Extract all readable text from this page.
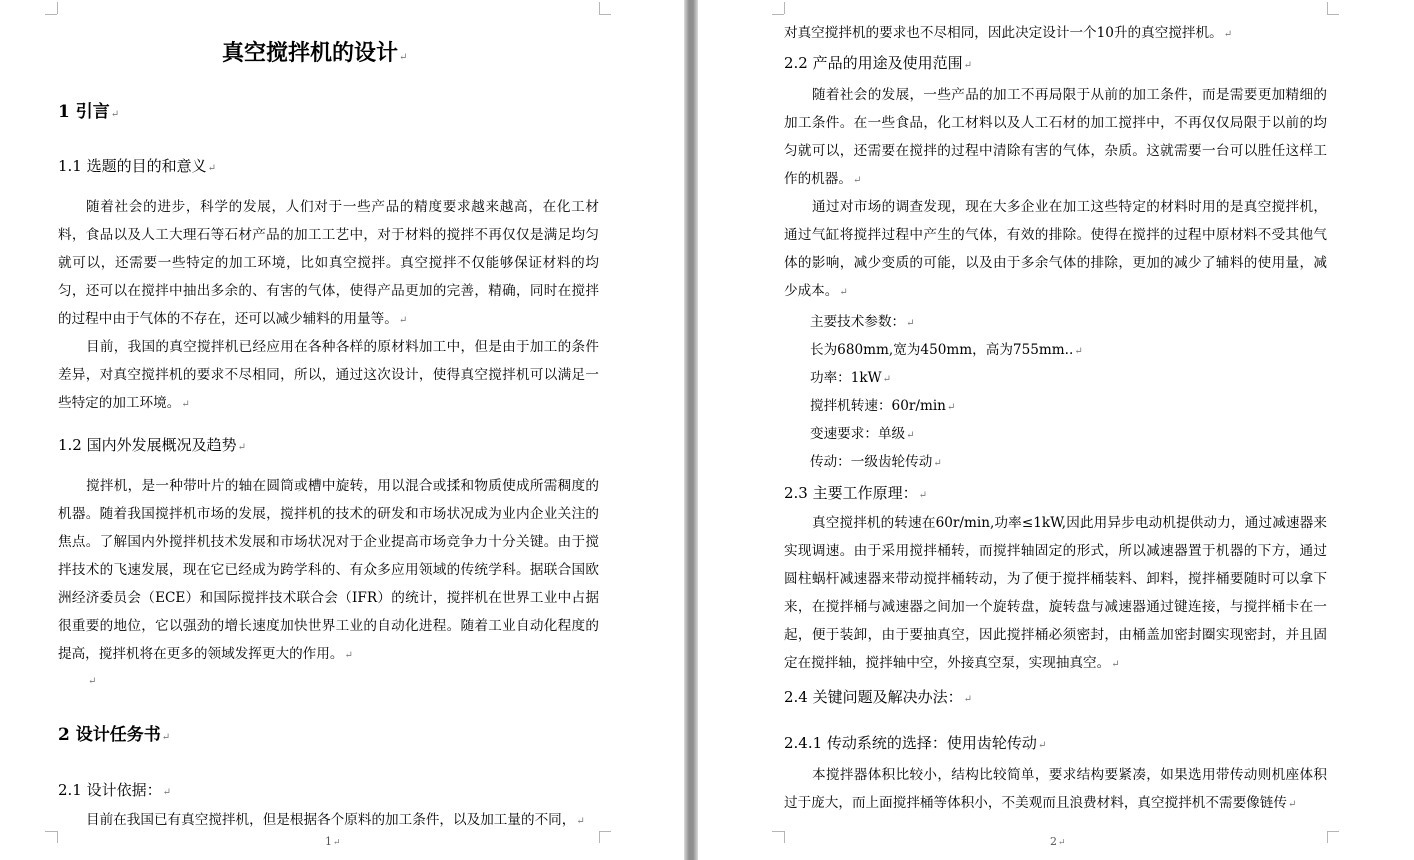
真空搅拌机的设计 ↵
1 引言 ↵
1.1 选题的目的和意义 ↵
随着社会的进步，科学的发展，人们对于一些产品的精度要求越来越高，在化工材料，食品以及人工大理石等石材产品的加工工艺中，对于材料的搅拌不再仅仅是满足均匀就可以，还需要一些特定的加工环境，比如真空搅拌。真空搅拌不仅能够保证材料的均匀，还可以在搅拌中抽出多余的、有害的气体，使得产品更加的完善，精确，同时在搅拌的过程中由于气体的不存在，还可以减少辅料的用量等。 ↵
目前，我国的真空搅拌机已经应用在各种各样的原材料加工中，但是由于加工的条件差异，对真空搅拌机的要求不尽相同，所以，通过这次设计，使得真空搅拌机可以满足一些特定的加工环境。 ↵
1.2 国内外发展概况及趋势 ↵
搅拌机，是一种带叶片的轴在圆筒或槽中旋转，用以混合或揉和物质使成所需稠度的机器。随着我国搅拌机市场的发展，搅拌机的技术的研发和市场状况成为业内企业关注的焦点。了解国内外搅拌机技术发展和市场状况对于企业提高市场竞争力十分关键。由于搅拌技术的飞速发展，现在它已经成为跨学科的、有众多应用领域的传统学科。据联合国欧洲经济委员会（ECE）和国际搅拌技术联合会（IFR）的统计，搅拌机在世界工业中占据很重要的地位，它以强劲的增长速度加快世界工业的自动化进程。随着工业自动化程度的提高，搅拌机将在更多的领域发挥更大的作用。 ↵
↵
2 设计任务书 ↵
2.1 设计依据： ↵
目前在我国已有真空搅拌机，但是根据各个原料的加工条件，以及加工量的不同， ↵
1 ↵
对真空搅拌机的要求也不尽相同，因此决定设计一个10升的真空搅拌机。 ↵
2.2 产品的用途及使用范围 ↵
随着社会的发展，一些产品的加工不再局限于从前的加工条件，而是需要更加精细的加工条件。在一些食品，化工材料以及人工石材的加工搅拌中，不再仅仅局限于以前的均匀就可以，还需要在搅拌的过程中清除有害的气体，杂质。这就需要一台可以胜任这样工作的机器。 ↵
通过对市场的调查发现，现在大多企业在加工这些特定的材料时用的是真空搅拌机，通过气缸将搅拌过程中产生的气体，有效的排除。使得在搅拌的过程中原材料不受其他气体的影响，减少变质的可能，以及由于多余气体的排除，更加的减少了辅料的使用量，减少成本。 ↵
主要技术参数： ↵
长为680mm,宽为450mm，高为755mm.. ↵
功率：1kW ↵
搅拌机转速：60r/min ↵
变速要求：单级 ↵
传动：一级齿轮传动 ↵
2.3 主要工作原理： ↵
真空搅拌机的转速在60r/min,功率≤1kW,因此用异步电动机提供动力，通过减速器来实现调速。由于采用搅拌桶转，而搅拌轴固定的形式，所以减速器置于机器的下方，通过圆柱蜗杆减速器来带动搅拌桶转动，为了便于搅拌桶装料、卸料，搅拌桶要随时可以拿下来，在搅拌桶与减速器之间加一个旋转盘，旋转盘与减速器通过键连接，与搅拌桶卡在一起，便于装卸，由于要抽真空，因此搅拌桶必须密封，由桶盖加密封圈实现密封，并且固定在搅拌轴，搅拌轴中空，外接真空泵，实现抽真空。 ↵
2.4 关键问题及解决办法： ↵
2.4.1 传动系统的选择：使用齿轮传动 ↵
本搅拌器体积比较小，结构比较简单，要求结构要紧凑，如果选用带传动则机座体积过于庞大，而上面搅拌桶等体积小，不美观而且浪费材料，真空搅拌机不需要像链传 ↵
2 ↵
